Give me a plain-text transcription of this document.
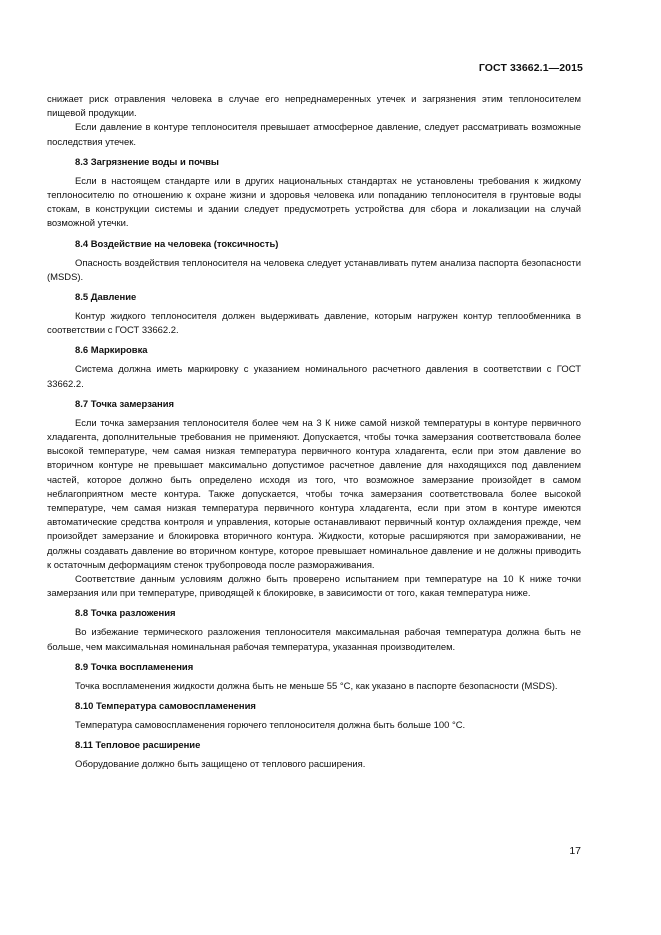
ГОСТ 33662.1—2015

снижает риск отравления человека в случае его непреднамеренных утечек и загрязнения этим теплоносителем пищевой продукции.

Если давление в контуре теплоносителя превышает атмосферное давление, следует рассматривать возможные последствия утечек.

8.3 Загрязнение воды и почвы

Если в настоящем стандарте или в других национальных стандартах не установлены требования к жидкому теплоносителю по отношению к охране жизни и здоровья человека или попаданию теплоносителя в грунтовые воды стокам, в конструкции системы и здании следует предусмотреть устройства для сбора и локализации на случай возможной утечки.

8.4 Воздействие на человека (токсичность)

Опасность воздействия теплоносителя на человека следует устанавливать путем анализа паспорта безопасности (MSDS).

8.5 Давление

Контур жидкого теплоносителя должен выдерживать давление, которым нагружен контур теплообменника в соответствии с ГОСТ 33662.2.

8.6 Маркировка

Система должна иметь маркировку с указанием номинального расчетного давления в соответствии с ГОСТ 33662.2.

8.7 Точка замерзания

Если точка замерзания теплоносителя более чем на 3 К ниже самой низкой температуры в контуре первичного хладагента, дополнительные требования не применяют. Допускается, чтобы точка замерзания соответствовала более высокой температуре, чем самая низкая температура первичного контура хладагента, если при этом давление во вторичном контуре не превышает максимально допустимое расчетное давление для находящихся под давлением частей, которое должно быть определено исходя из того, что возможное замерзание произойдет в самом неблагоприятном месте контура. Также допускается, чтобы точка замерзания соответствовала более высокой температуре, чем самая низкая температура первичного контура хладагента, если при этом в контуре имеются автоматические средства контроля и управления, которые останавливают первичный контур охлаждения прежде, чем произойдет замерзание и блокировка вторичного контура. Жидкости, которые расширяются при замораживании, не должны создавать давление во вторичном контуре, которое превышает номинальное давление и не должны приводить к остаточным деформациям стенок трубопровода после размораживания.

Соответствие данным условиям должно быть проверено испытанием при температуре на 10 К ниже точки замерзания или при температуре, приводящей к блокировке, в зависимости от того, какая температура ниже.

8.8 Точка разложения

Во избежание термического разложения теплоносителя максимальная рабочая температура должна быть не больше, чем максимальная номинальная рабочая температура, указанная производителем.

8.9 Точка воспламенения

Точка воспламенения жидкости должна быть не меньше 55 °С, как указано в паспорте безопасности (MSDS).

8.10 Температура самовоспламенения

Температура самовоспламенения горючего теплоносителя должна быть больше 100 °С.

8.11 Тепловое расширение

Оборудование должно быть защищено от теплового расширения.

17
